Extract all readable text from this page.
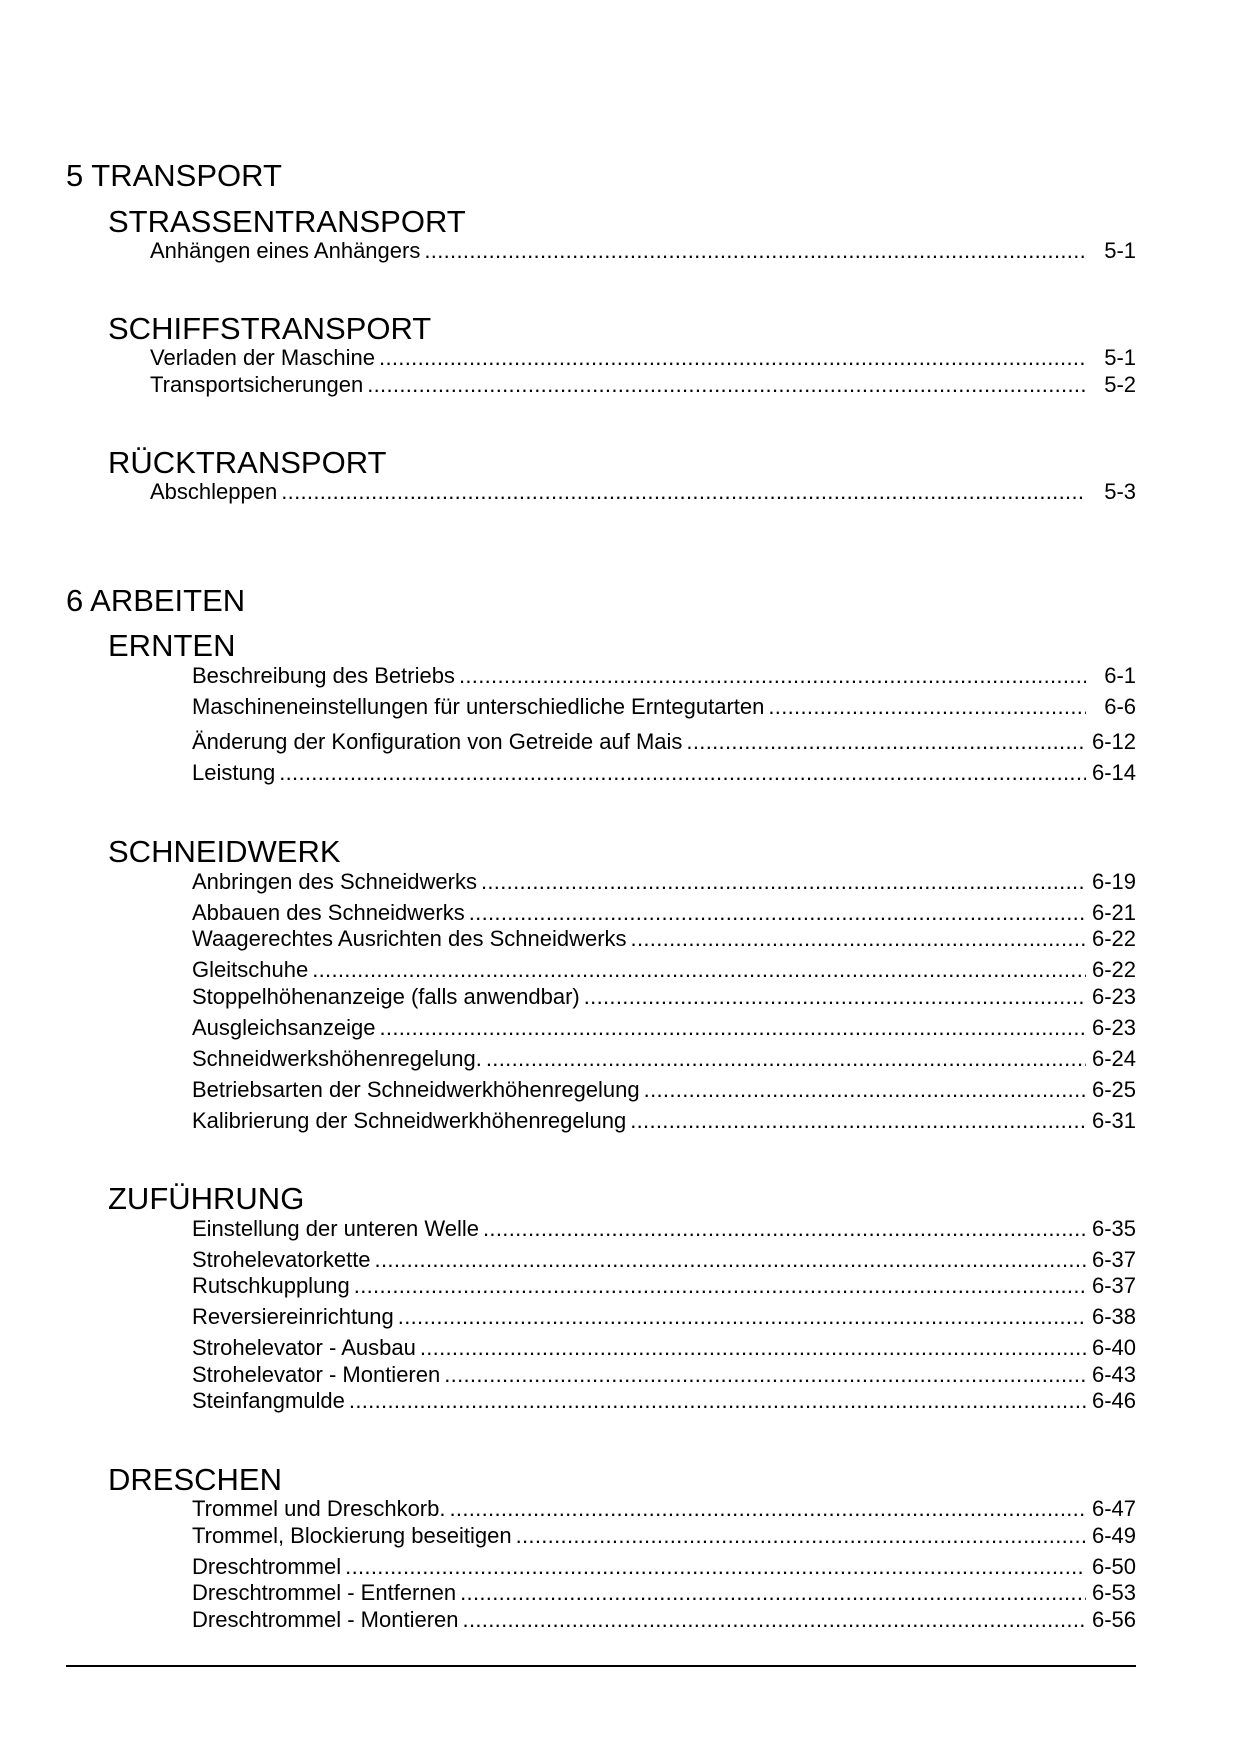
5 TRANSPORT
STRASSENTRANSPORT
Anhängen eines Anhängers . . .	5-1
SCHIFFSTRANSPORT
Verladen der Maschine . . .	5-1
Transportsicherungen . . .	5-2
RÜCKTRANSPORT
Abschleppen . . .	5-3
6 ARBEITEN
ERNTEN
Beschreibung des Betriebs . . .	6-1
Maschineneinstellungen für unterschiedliche Erntegutarten . . .	6-6
Änderung der Konfiguration von Getreide auf Mais . . .	6-12
Leistung . . .	6-14
SCHNEIDWERK
Anbringen des Schneidwerks . . .	6-19
Abbauen des Schneidwerks . . .	6-21
Waagerechtes Ausrichten des Schneidwerks . . .	6-22
Gleitschuhe . . .	6-22
Stoppelhöhenanzeige (falls anwendbar) . . .	6-23
Ausgleichsanzeige . . .	6-23
Schneidwerkshöhenregelung. . . .	6-24
Betriebsarten der Schneidwerkhöhenregelung . . .	6-25
Kalibrierung der Schneidwerkhöhenregelung . . .	6-31
ZUFÜHRUNG
Einstellung der unteren Welle . . .	6-35
Strohelevatorkette . . .	6-37
Rutschkupplung . . .	6-37
Reversiereinrichtung . . .	6-38
Strohelevator - Ausbau . . .	6-40
Strohelevator - Montieren . . .	6-43
Steinfangmulde . . .	6-46
DRESCHEN
Trommel und Dreschkorb. . . .	6-47
Trommel, Blockierung beseitigen . . .	6-49
Dreschtrommel . . .	6-50
Dreschtrommel - Entfernen . . .	6-53
Dreschtrommel - Montieren . . .	6-56
